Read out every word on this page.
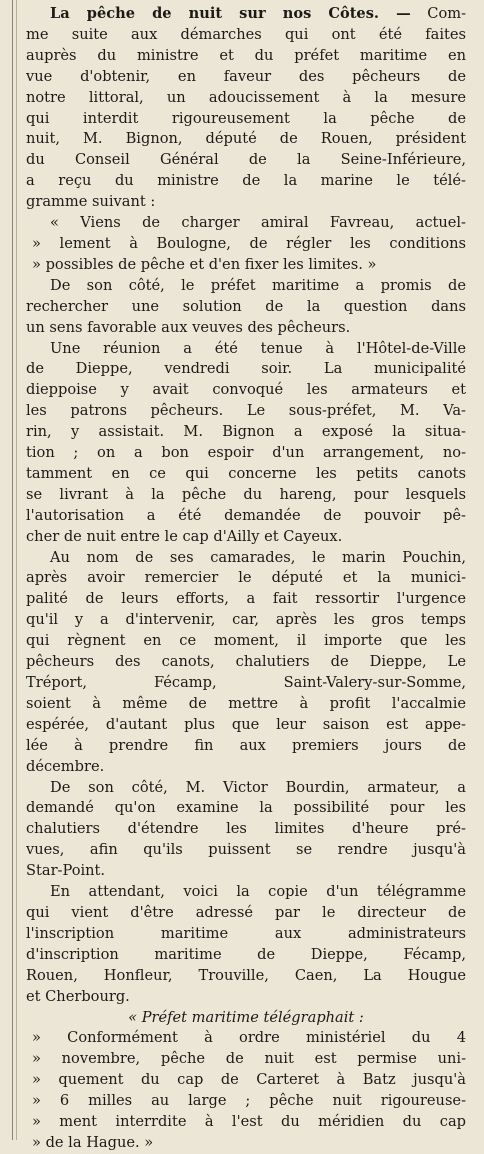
La pêche de nuit sur nos Côtes. — Com-
me suite aux démarches qui ont été faites
auprès du ministre et du préfet maritime en
vue d'obtenir, en faveur des pêcheurs de
notre littoral, un adoucissement à la mesure
qui interdit rigoureusement la pêche de
nuit, M. Bignon, député de Rouen, président
du Conseil Général de la Seine-Inférieure,
a reçu du ministre de la marine le télé-
gramme suivant :
« Viens de charger amiral Favreau, actuel-
» lement à Boulogne, de régler les conditions
» possibles de pêche et d'en fixer les limites. »
De son côté, le préfet maritime a promis de
rechercher une solution de la question dans
un sens favorable aux veuves des pêcheurs.
Une réunion a été tenue à l'Hôtel-de-Ville
de Dieppe, vendredi soir. La municipalité
dieppoise y avait convoqué les armateurs et
les patrons pêcheurs. Le sous-préfet, M. Va-
rin, y assistait. M. Bignon a exposé la situa-
tion ; on a bon espoir d'un arrangement, no-
tamment en ce qui concerne les petits canots
se livrant à la pêche du hareng, pour lesquels
l'autorisation a été demandée de pouvoir pê-
cher de nuit entre le cap d'Ailly et Cayeux.
Au nom de ses camarades, le marin Pouchin,
après avoir remercier le député et la munici-
palité de leurs efforts, a fait ressortir l'urgence
qu'il y a d'intervenir, car, après les gros temps
qui règnent en ce moment, il importe que les
pêcheurs des canots, chalutiers de Dieppe, Le
Tréport, Fécamp, Saint-Valery-sur-Somme,
soient à même de mettre à profit l'accalmie
espérée, d'autant plus que leur saison est appe-
lée à prendre fin aux premiers jours de
décembre.
De son côté, M. Victor Bourdin, armateur, a
demandé qu'on examine la possibilité pour les
chalutiers d'étendre les limites d'heure pré-
vues, afin qu'ils puissent se rendre jusqu'à
Star-Point.
En attendant, voici la copie d'un télégramme
qui vient d'être adressé par le directeur de
l'inscription maritime aux administrateurs
d'inscription maritime de Dieppe, Fécamp,
Rouen, Honfleur, Trouville, Caen, La Hougue
et Cherbourg.
« Préfet maritime télégraphait :
» Conformément à ordre ministériel du 4
» novembre, pêche de nuit est permise uni-
» quement du cap de Carteret à Batz jusqu'à
» 6 milles au large ; pêche nuit rigoureuse-
» ment interrdite à l'est du méridien du cap
» de la Hague. »
